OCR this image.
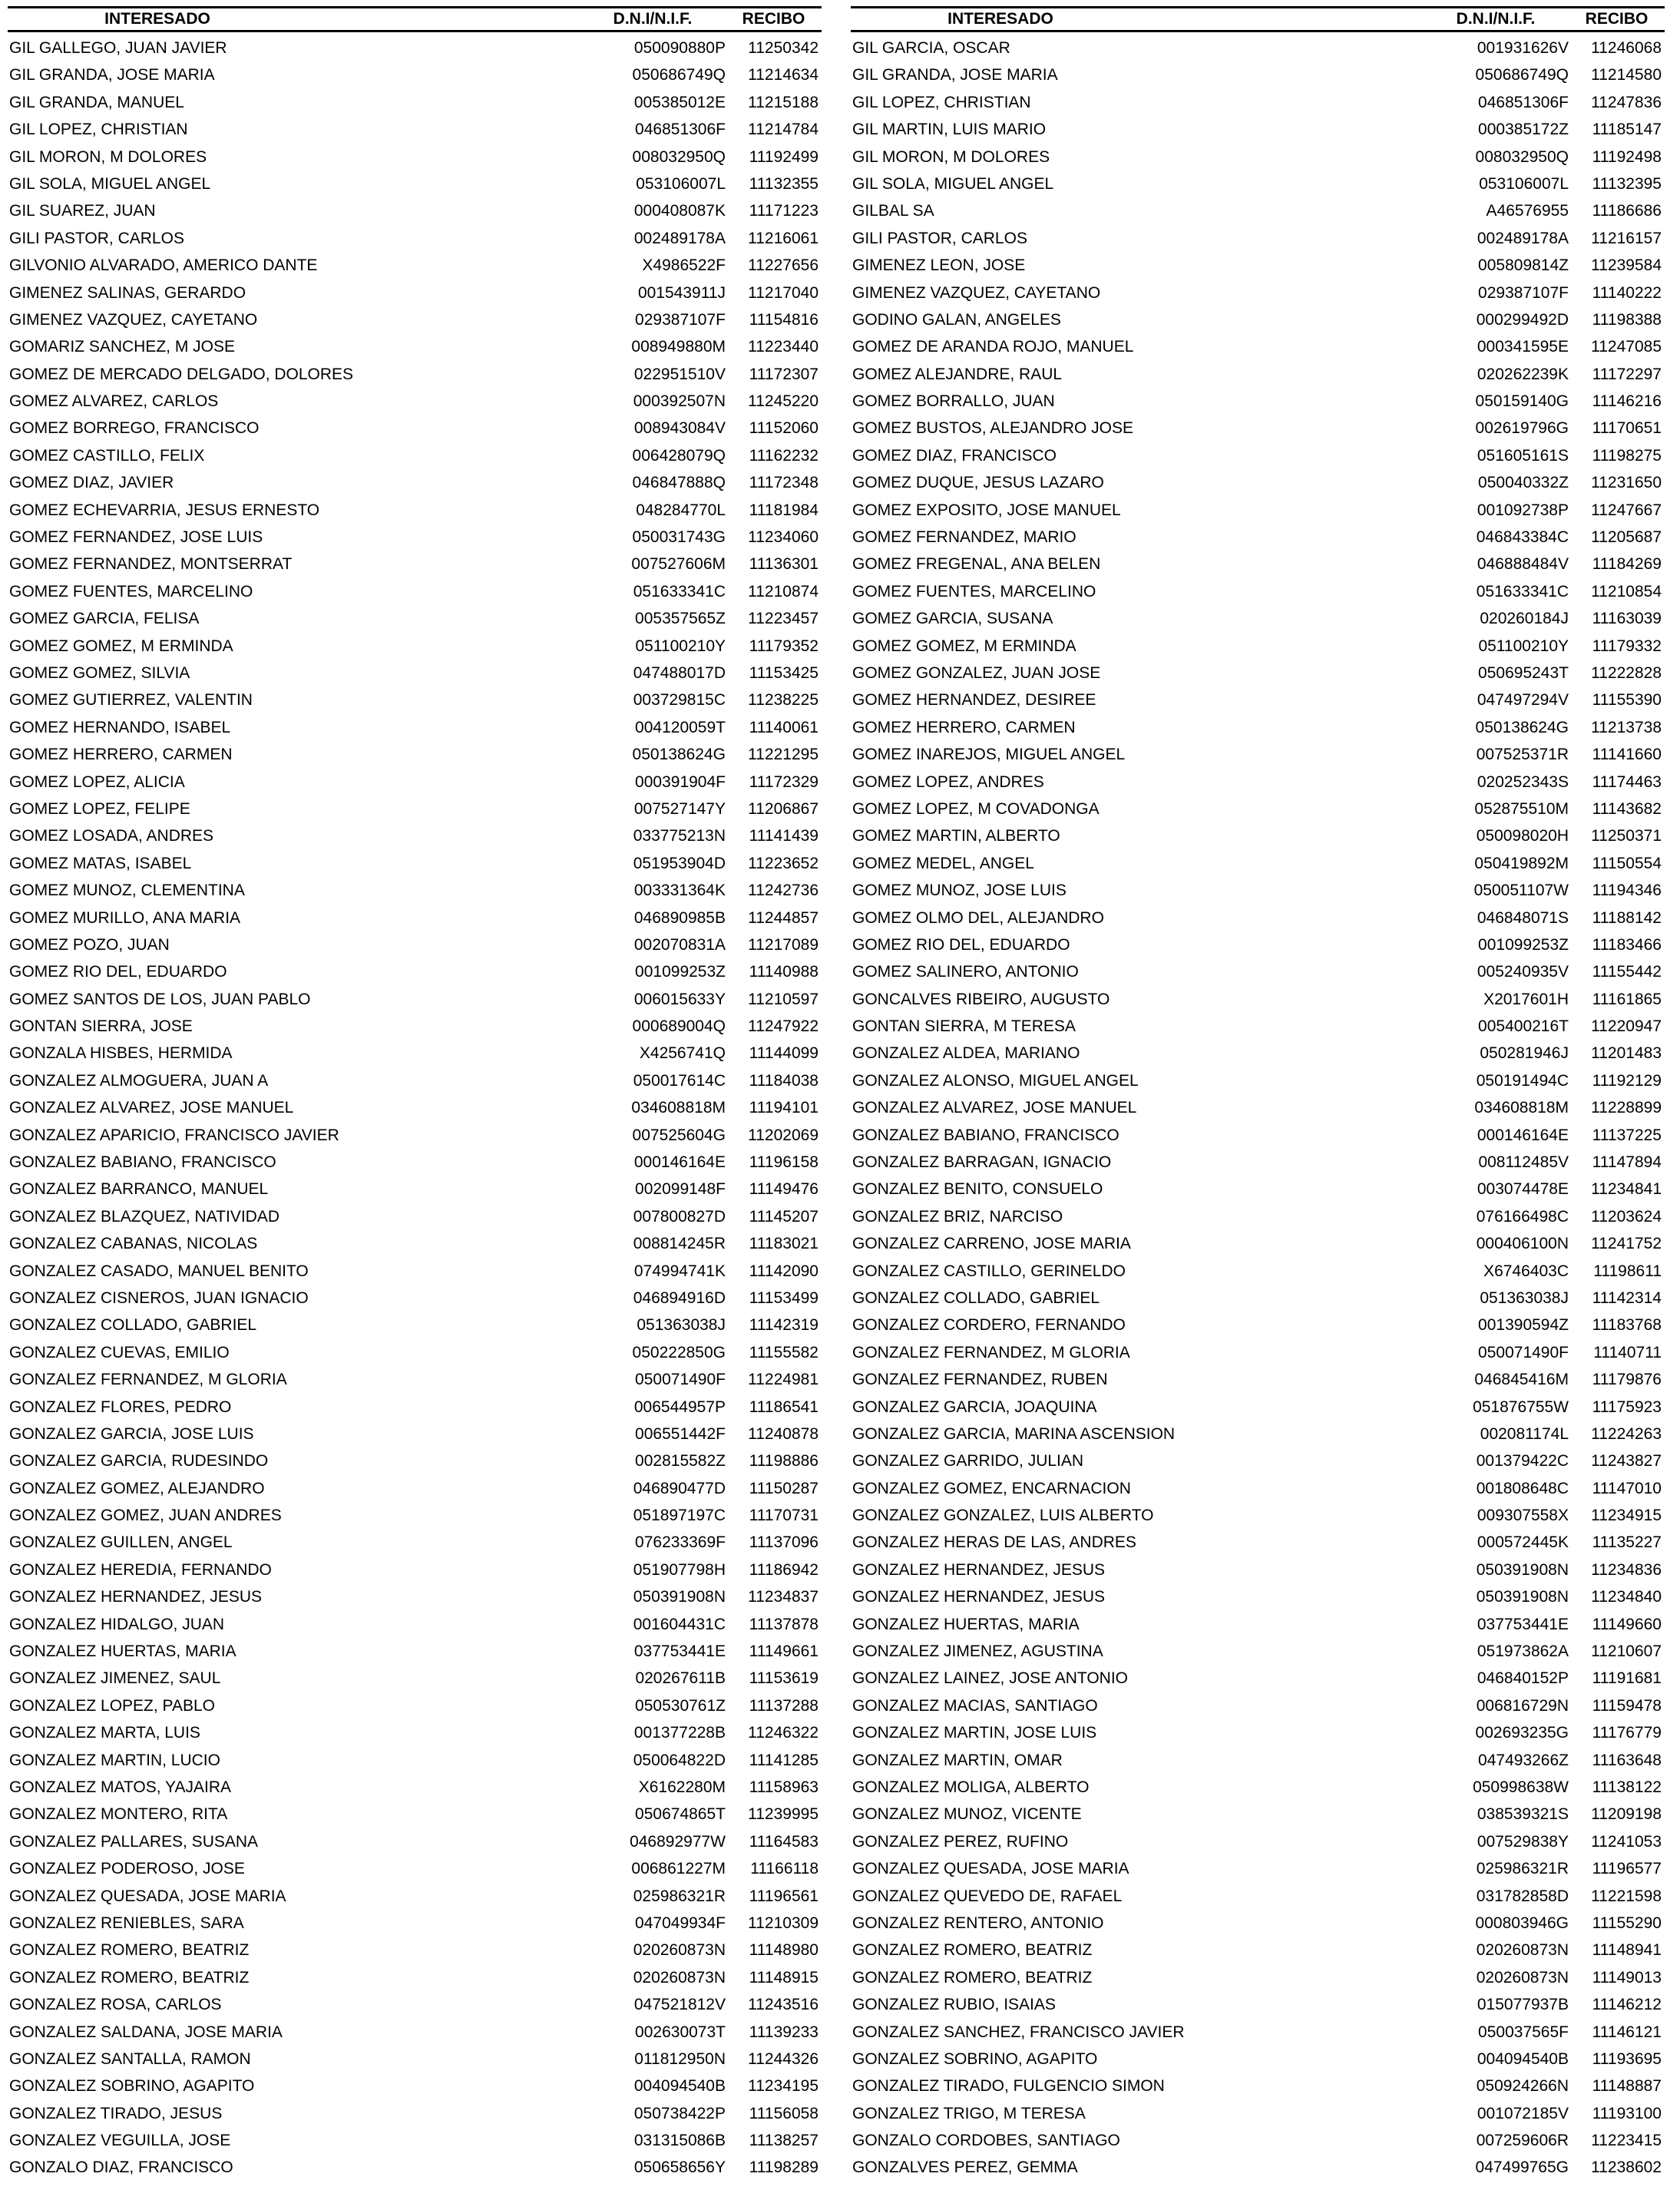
INTERESADO	D.N.I/N.I.F.	RECIBO
GIL GALLEGO, JUAN JAVIER	050090880P	11250342
GIL GRANDA, JOSE MARIA	050686749Q	11214634
GIL GRANDA, MANUEL	005385012E	11215188
GIL LOPEZ, CHRISTIAN	046851306F	11214784
GIL MORON, M DOLORES	008032950Q	11192499
GIL SOLA, MIGUEL ANGEL	053106007L	11132355
GIL SUAREZ, JUAN	000408087K	11171223
GILI PASTOR, CARLOS	002489178A	11216061
GILVONIO ALVARADO, AMERICO DANTE	X4986522F	11227656
GIMENEZ SALINAS, GERARDO	001543911J	11217040
GIMENEZ VAZQUEZ, CAYETANO	029387107F	11154816
GOMARIZ SANCHEZ, M JOSE	008949880M	11223440
GOMEZ DE MERCADO DELGADO, DOLORES	022951510V	11172307
GOMEZ ALVAREZ, CARLOS	000392507N	11245220
GOMEZ BORREGO, FRANCISCO	008943084V	11152060
GOMEZ CASTILLO, FELIX	006428079Q	11162232
GOMEZ DIAZ, JAVIER	046847888Q	11172348
GOMEZ ECHEVARRIA, JESUS ERNESTO	048284770L	11181984
GOMEZ FERNANDEZ, JOSE LUIS	050031743G	11234060
GOMEZ FERNANDEZ, MONTSERRAT	007527606M	11136301
GOMEZ FUENTES, MARCELINO	051633341C	11210874
GOMEZ GARCIA, FELISA	005357565Z	11223457
GOMEZ GOMEZ, M ERMINDA	051100210Y	11179352
GOMEZ GOMEZ, SILVIA	047488017D	11153425
GOMEZ GUTIERREZ, VALENTIN	003729815C	11238225
GOMEZ HERNANDO, ISABEL	004120059T	11140061
GOMEZ HERRERO, CARMEN	050138624G	11221295
GOMEZ LOPEZ, ALICIA	000391904F	11172329
GOMEZ LOPEZ, FELIPE	007527147Y	11206867
GOMEZ LOSADA, ANDRES	033775213N	11141439
GOMEZ MATAS, ISABEL	051953904D	11223652
GOMEZ MUNOZ, CLEMENTINA	003331364K	11242736
GOMEZ MURILLO, ANA MARIA	046890985B	11244857
GOMEZ POZO, JUAN	002070831A	11217089
GOMEZ RIO DEL, EDUARDO	001099253Z	11140988
GOMEZ SANTOS DE LOS, JUAN PABLO	006015633Y	11210597
GONTAN SIERRA, JOSE	000689004Q	11247922
GONZALA HISBES, HERMIDA	X4256741Q	11144099
GONZALEZ ALMOGUERA, JUAN A	050017614C	11184038
GONZALEZ ALVAREZ, JOSE MANUEL	034608818M	11194101
GONZALEZ APARICIO, FRANCISCO JAVIER	007525604G	11202069
GONZALEZ BABIANO, FRANCISCO	000146164E	11196158
GONZALEZ BARRANCO, MANUEL	002099148F	11149476
GONZALEZ BLAZQUEZ, NATIVIDAD	007800827D	11145207
GONZALEZ CABANAS, NICOLAS	008814245R	11183021
GONZALEZ CASADO, MANUEL BENITO	074994741K	11142090
GONZALEZ CISNEROS, JUAN IGNACIO	046894916D	11153499
GONZALEZ COLLADO, GABRIEL	051363038J	11142319
GONZALEZ CUEVAS, EMILIO	050222850G	11155582
GONZALEZ FERNANDEZ, M GLORIA	050071490F	11224981
GONZALEZ FLORES, PEDRO	006544957P	11186541
GONZALEZ GARCIA, JOSE LUIS	006551442F	11240878
GONZALEZ GARCIA, RUDESINDO	002815582Z	11198886
GONZALEZ GOMEZ, ALEJANDRO	046890477D	11150287
GONZALEZ GOMEZ, JUAN ANDRES	051897197C	11170731
GONZALEZ GUILLEN, ANGEL	076233369F	11137096
GONZALEZ HEREDIA, FERNANDO	051907798H	11186942
GONZALEZ HERNANDEZ, JESUS	050391908N	11234837
GONZALEZ HIDALGO, JUAN	001604431C	11137878
GONZALEZ HUERTAS, MARIA	037753441E	11149661
GONZALEZ JIMENEZ, SAUL	020267611B	11153619
GONZALEZ LOPEZ, PABLO	050530761Z	11137288
GONZALEZ MARTA, LUIS	001377228B	11246322
GONZALEZ MARTIN, LUCIO	050064822D	11141285
GONZALEZ MATOS, YAJAIRA	X6162280M	11158963
GONZALEZ MONTERO, RITA	050674865T	11239995
GONZALEZ PALLARES, SUSANA	046892977W	11164583
GONZALEZ PODEROSO, JOSE	006861227M	11166118
GONZALEZ QUESADA, JOSE MARIA	025986321R	11196561
GONZALEZ RENIEBLES, SARA	047049934F	11210309
GONZALEZ ROMERO, BEATRIZ	020260873N	11148980
GONZALEZ ROMERO, BEATRIZ	020260873N	11148915
GONZALEZ ROSA, CARLOS	047521812V	11243516
GONZALEZ SALDANA, JOSE MARIA	002630073T	11139233
GONZALEZ SANTALLA, RAMON	011812950N	11244326
GONZALEZ SOBRINO, AGAPITO	004094540B	11234195
GONZALEZ TIRADO, JESUS	050738422P	11156058
GONZALEZ VEGUILLA, JOSE	031315086B	11138257
GONZALO DIAZ, FRANCISCO	050658656Y	11198289
INTERESADO	D.N.I/N.I.F.	RECIBO
GIL GARCIA, OSCAR	001931626V	11246068
GIL GRANDA, JOSE MARIA	050686749Q	11214580
GIL LOPEZ, CHRISTIAN	046851306F	11247836
GIL MARTIN, LUIS MARIO	000385172Z	11185147
GIL MORON, M DOLORES	008032950Q	11192498
GIL SOLA, MIGUEL ANGEL	053106007L	11132395
GILBAL SA	A46576955	11186686
GILI PASTOR, CARLOS	002489178A	11216157
GIMENEZ LEON, JOSE	005809814Z	11239584
GIMENEZ VAZQUEZ, CAYETANO	029387107F	11140222
GODINO GALAN, ANGELES	000299492D	11198388
GOMEZ DE ARANDA ROJO, MANUEL	000341595E	11247085
GOMEZ ALEJANDRE, RAUL	020262239K	11172297
GOMEZ BORRALLO, JUAN	050159140G	11146216
GOMEZ BUSTOS, ALEJANDRO JOSE	002619796G	11170651
GOMEZ DIAZ, FRANCISCO	051605161S	11198275
GOMEZ DUQUE, JESUS LAZARO	050040332Z	11231650
GOMEZ EXPOSITO, JOSE MANUEL	001092738P	11247667
GOMEZ FERNANDEZ, MARIO	046843384C	11205687
GOMEZ FREGENAL, ANA BELEN	046888484V	11184269
GOMEZ FUENTES, MARCELINO	051633341C	11210854
GOMEZ GARCIA, SUSANA	020260184J	11163039
GOMEZ GOMEZ, M ERMINDA	051100210Y	11179332
GOMEZ GONZALEZ, JUAN JOSE	050695243T	11222828
GOMEZ HERNANDEZ, DESIREE	047497294V	11155390
GOMEZ HERRERO, CARMEN	050138624G	11213738
GOMEZ INAREJOS, MIGUEL ANGEL	007525371R	11141660
GOMEZ LOPEZ, ANDRES	020252343S	11174463
GOMEZ LOPEZ, M COVADONGA	052875510M	11143682
GOMEZ MARTIN, ALBERTO	050098020H	11250371
GOMEZ MEDEL, ANGEL	050419892M	11150554
GOMEZ MUNOZ, JOSE LUIS	050051107W	11194346
GOMEZ OLMO DEL, ALEJANDRO	046848071S	11188142
GOMEZ RIO DEL, EDUARDO	001099253Z	11183466
GOMEZ SALINERO, ANTONIO	005240935V	11155442
GONCALVES RIBEIRO, AUGUSTO	X2017601H	11161865
GONTAN SIERRA, M TERESA	005400216T	11220947
GONZALEZ ALDEA, MARIANO	050281946J	11201483
GONZALEZ ALONSO, MIGUEL ANGEL	050191494C	11192129
GONZALEZ ALVAREZ, JOSE MANUEL	034608818M	11228899
GONZALEZ BABIANO, FRANCISCO	000146164E	11137225
GONZALEZ BARRAGAN, IGNACIO	008112485V	11147894
GONZALEZ BENITO, CONSUELO	003074478E	11234841
GONZALEZ BRIZ, NARCISO	076166498C	11203624
GONZALEZ CARRENO, JOSE MARIA	000406100N	11241752
GONZALEZ CASTILLO, GERINELDO	X6746403C	11198611
GONZALEZ COLLADO, GABRIEL	051363038J	11142314
GONZALEZ CORDERO, FERNANDO	001390594Z	11183768
GONZALEZ FERNANDEZ, M GLORIA	050071490F	11140711
GONZALEZ FERNANDEZ, RUBEN	046845416M	11179876
GONZALEZ GARCIA, JOAQUINA	051876755W	11175923
GONZALEZ GARCIA, MARINA ASCENSION	002081174L	11224263
GONZALEZ GARRIDO, JULIAN	001379422C	11243827
GONZALEZ GOMEZ, ENCARNACION	001808648C	11147010
GONZALEZ GONZALEZ, LUIS ALBERTO	009307558X	11234915
GONZALEZ HERAS DE LAS, ANDRES	000572445K	11135227
GONZALEZ HERNANDEZ, JESUS	050391908N	11234836
GONZALEZ HERNANDEZ, JESUS	050391908N	11234840
GONZALEZ HUERTAS, MARIA	037753441E	11149660
GONZALEZ JIMENEZ, AGUSTINA	051973862A	11210607
GONZALEZ LAINEZ, JOSE ANTONIO	046840152P	11191681
GONZALEZ MACIAS, SANTIAGO	006816729N	11159478
GONZALEZ MARTIN, JOSE LUIS	002693235G	11176779
GONZALEZ MARTIN, OMAR	047493266Z	11163648
GONZALEZ MOLIGA, ALBERTO	050998638W	11138122
GONZALEZ MUNOZ, VICENTE	038539321S	11209198
GONZALEZ PEREZ, RUFINO	007529838Y	11241053
GONZALEZ QUESADA, JOSE MARIA	025986321R	11196577
GONZALEZ QUEVEDO DE, RAFAEL	031782858D	11221598
GONZALEZ RENTERO, ANTONIO	000803946G	11155290
GONZALEZ ROMERO, BEATRIZ	020260873N	11148941
GONZALEZ ROMERO, BEATRIZ	020260873N	11149013
GONZALEZ RUBIO, ISAIAS	015077937B	11146212
GONZALEZ SANCHEZ, FRANCISCO JAVIER	050037565F	11146121
GONZALEZ SOBRINO, AGAPITO	004094540B	11193695
GONZALEZ TIRADO, FULGENCIO SIMON	050924266N	11148887
GONZALEZ TRIGO, M TERESA	001072185V	11193100
GONZALO CORDOBES, SANTIAGO	007259606R	11223415
GONZALVES PEREZ, GEMMA	047499765G	11238602
